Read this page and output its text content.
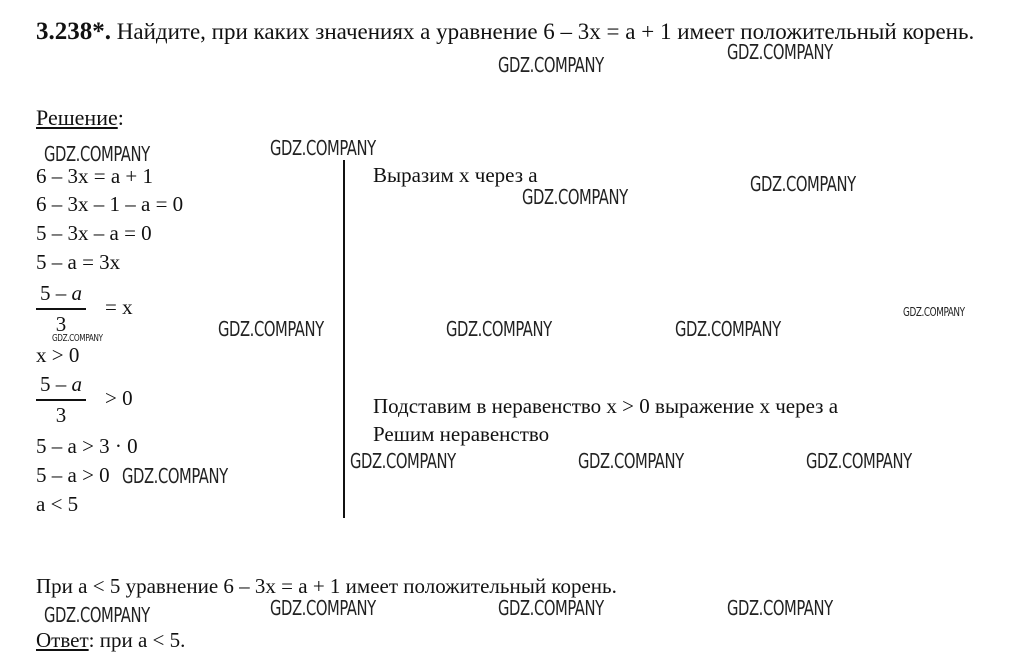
3.238*. Найдите, при каких значениях а уравнение 6 – 3x = a + 1 имеет положительный корень.
Решение:
6 – 3x = a + 1
6 – 3x – 1 – a = 0
5 – 3x – a = 0
5 – a = 3x
5 – a
3
= x
x > 0
5 – a
3
> 0
5 – a > 3 · 0
5 – a > 0
a < 5
Выразим x через a
Подставим в неравенство x > 0 выражение x через a
Решим неравенство
При a < 5 уравнение 6 – 3x = a + 1 имеет положительный корень.
Ответ: при a < 5.
GDZ.COMPANY
GDZ.COMPANY
GDZ.COMPANY
GDZ.COMPANY
GDZ.COMPANY
GDZ.COMPANY
GDZ.COMPANY
GDZ.COMPANY	GDZ.COMPANY	GDZ.COMPANY
GDZ.COMPANY
GDZ.COMPANY	GDZ.COMPANY	GDZ.COMPANY
GDZ.COMPANY
GDZ.COMPANY	GDZ.COMPANY	GDZ.COMPANY	GDZ.COMPANY
